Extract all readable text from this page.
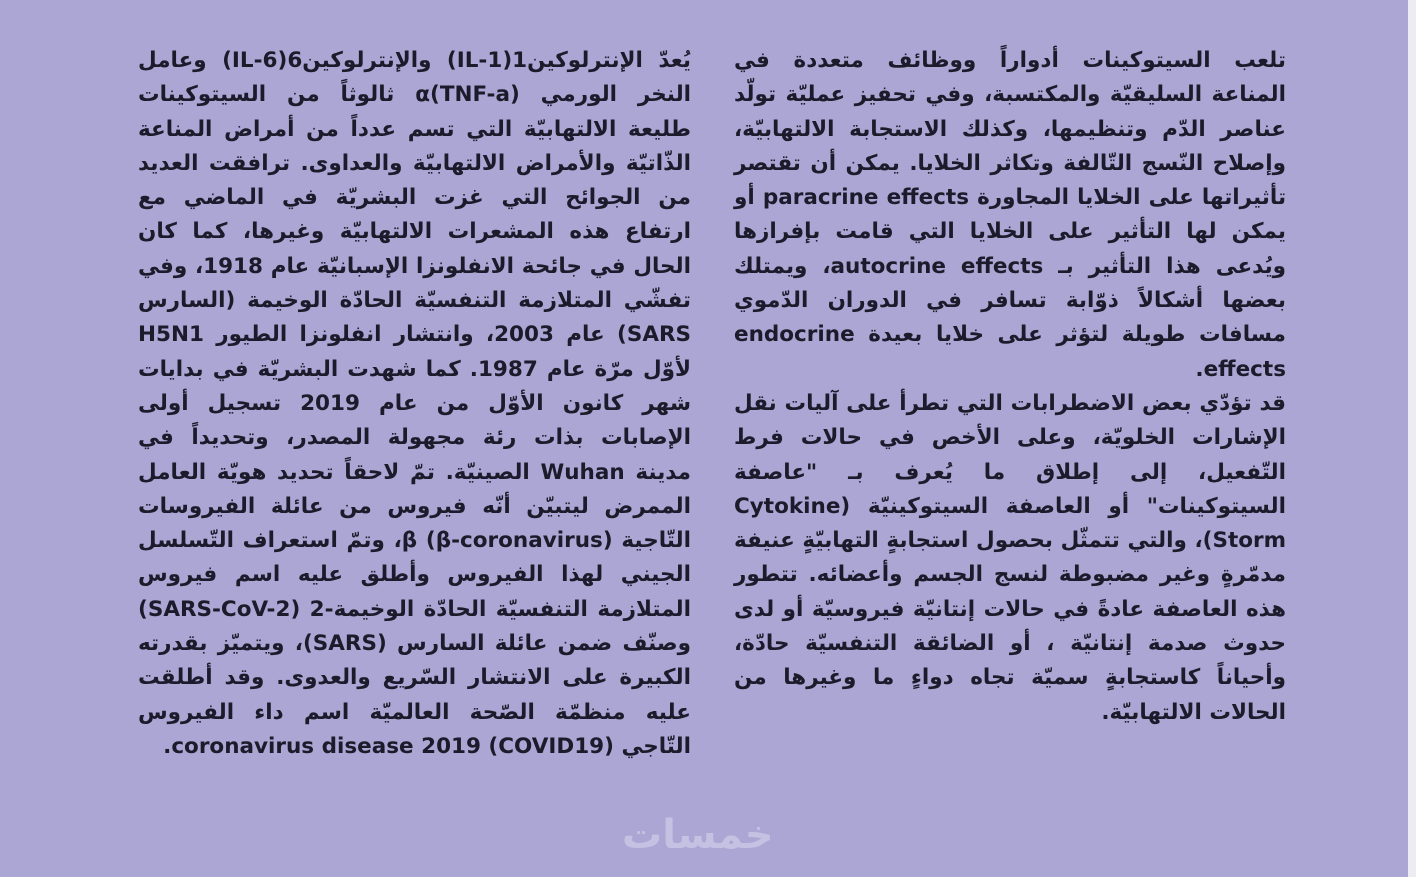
تلعب السيتوكينات أدواراً ووظائف متعددة في المناعة السليقيّة والمكتسبة، وفي تحفيز عمليّة تولّد عناصر الدّم وتنظيمها، وكذلك الاستجابة الالتهابيّة، وإصلاح النّسج التّالفة وتكاثر الخلايا. يمكن أن تقتصر تأثيراتها على الخلايا المجاورة paracrine effects أو يمكن لها التأثير على الخلايا التي قامت بإفرازها ويُدعى هذا التأثير بـ autocrine effects، ويمتلك بعضها أشكالاً ذوّابة تسافر في الدوران الدّموي مسافات طويلة لتؤثر على خلايا بعيدة endocrine effects.

قد تؤدّي بعض الاضطرابات التي تطرأ على آليات نقل الإشارات الخلويّة، وعلى الأخص في حالات فرط التّفعيل، إلى إطلاق ما يُعرف بـ "عاصفة السيتوكينات" أو العاصفة السيتوكينيّة (Cytokine Storm)، والتي تتمثّل بحصول استجابةٍ التهابيّةٍ عنيفة مدمّرةٍ وغير مضبوطة لنسج الجسم وأعضائه. تتطور هذه العاصفة عادةً في حالات إنتانيّة فيروسيّة أو لدى حدوث صدمة إنتانيّة ، أو الضائقة التنفسيّة حادّة، وأحياناً كاستجابةٍ سميّة تجاه دواءٍ ما وغيرها من الحالات الالتهابيّة.

يُعدّ الإنترلوكين1(IL-1) والإنترلوكين6(IL-6) وعامل النخر الورمي α(TNF-a) ثالوثاً من السيتوكينات طليعة الالتهابيّة التي تسم عدداً من أمراض المناعة الذّاتيّة والأمراض الالتهابيّة والعداوى. ترافقت العديد من الجوائح التي غزت البشريّة في الماضي مع ارتفاع هذه المشعرات الالتهابيّة وغيرها، كما كان الحال في جائحة الانفلونزا الإسبانيّة عام 1918، وفي تفشّي المتلازمة التنفسيّة الحادّة الوخيمة (السارس SARS) عام 2003، وانتشار انفلونزا الطيور H5N1 لأوّل مرّة عام 1987. كما شهدت البشريّة في بدايات شهر كانون الأوّل من عام 2019 تسجيل أولى الإصابات بذات رئة مجهولة المصدر، وتحديداً في مدينة Wuhan الصينيّة. تمّ لاحقاً تحديد هويّة العامل الممرض ليتبيّن أنّه فيروس من عائلة الفيروسات التّاجية β (β-coronavirus)، وتمّ استعراف التّسلسل الجيني لهذا الفيروس وأطلق عليه اسم فيروس المتلازمة التنفسيّة الحادّة الوخيمة-2 (SARS-CoV-2) وصنّف ضمن عائلة السارس (SARS)، ويتميّز بقدرته الكبيرة على الانتشار السّريع والعدوى. وقد أطلقت عليه منظمّة الصّحة العالميّة اسم داء الفيروس التّاجي coronavirus disease 2019 (COVID19).

خمسات
